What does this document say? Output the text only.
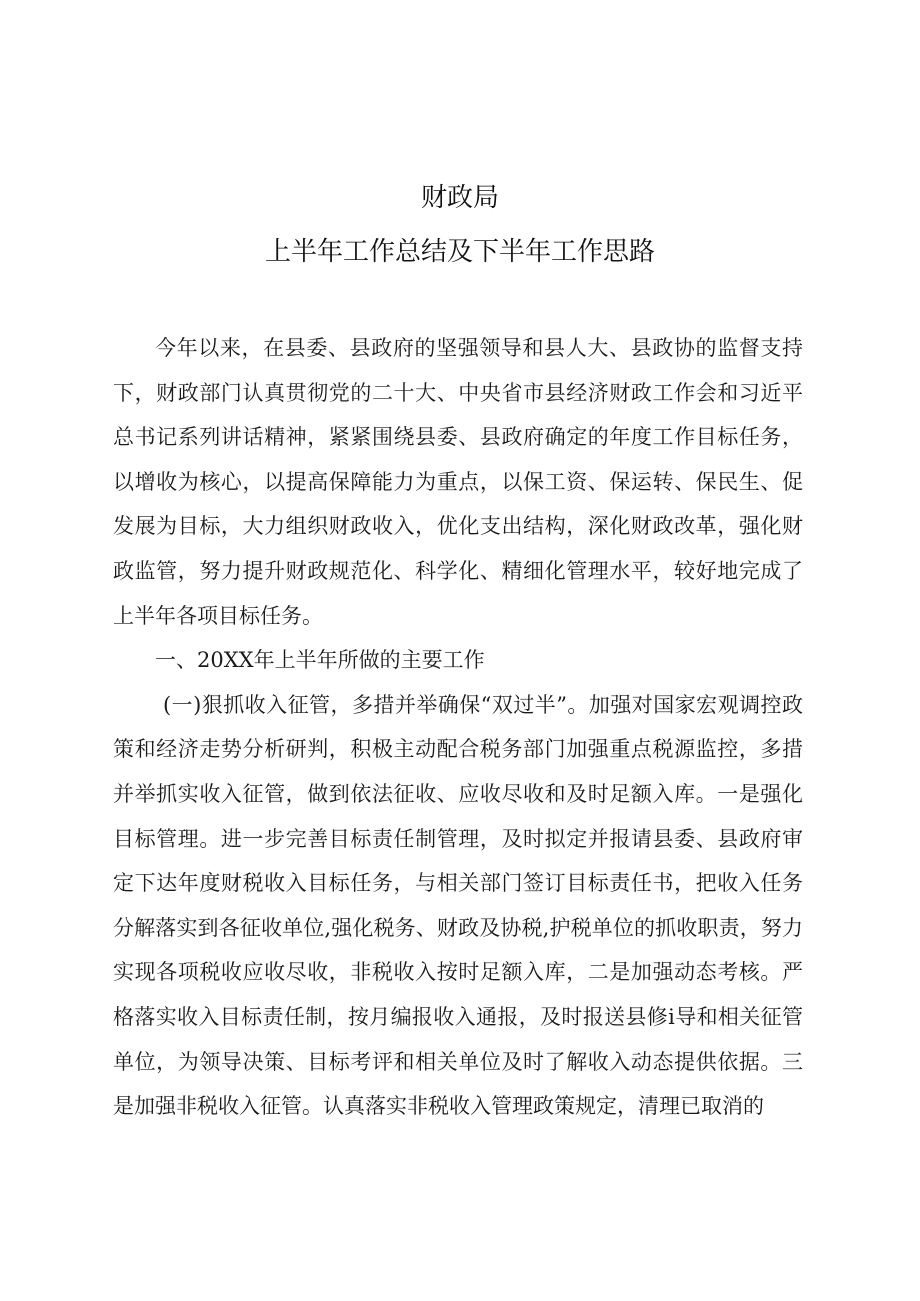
财政局
上半年工作总结及下半年工作思路

今年以来，在县委、县政府的坚强领导和县人大、县政协的监督支持下，财政部门认真贯彻党的二十大、中央省市县经济财政工作会和习近平总书记系列讲话精神，紧紧围绕县委、县政府确定的年度工作目标任务，以增收为核心，以提高保障能力为重点，以保工资、保运转、保民生、促发展为目标，大力组织财政收入，优化支出结构，深化财政改革，强化财政监管，努力提升财政规范化、科学化、精细化管理水平，较好地完成了上半年各项目标任务。

一、20XX年上半年所做的主要工作

(一)狠抓收入征管，多措并举确保“双过半”。加强对国家宏观调控政策和经济走势分析研判，积极主动配合税务部门加强重点税源监控，多措并举抓实收入征管，做到依法征收、应收尽收和及时足额入库。一是强化目标管理。进一步完善目标责任制管理，及时拟定并报请县委、县政府审定下达年度财税收入目标任务，与相关部门签订目标责任书，把收入任务分解落实到各征收单位,强化税务、财政及协税,护税单位的抓收职责，努力实现各项税收应收尽收，非税收入按时足额入库，二是加强动态考核。严格落实收入目标责任制，按月编报收入通报，及时报送县修i导和相关征管单位，为领导决策、目标考评和相关单位及时了解收入动态提供依据。三是加强非税收入征管。认真落实非税收入管理政策规定，清理已取消的
